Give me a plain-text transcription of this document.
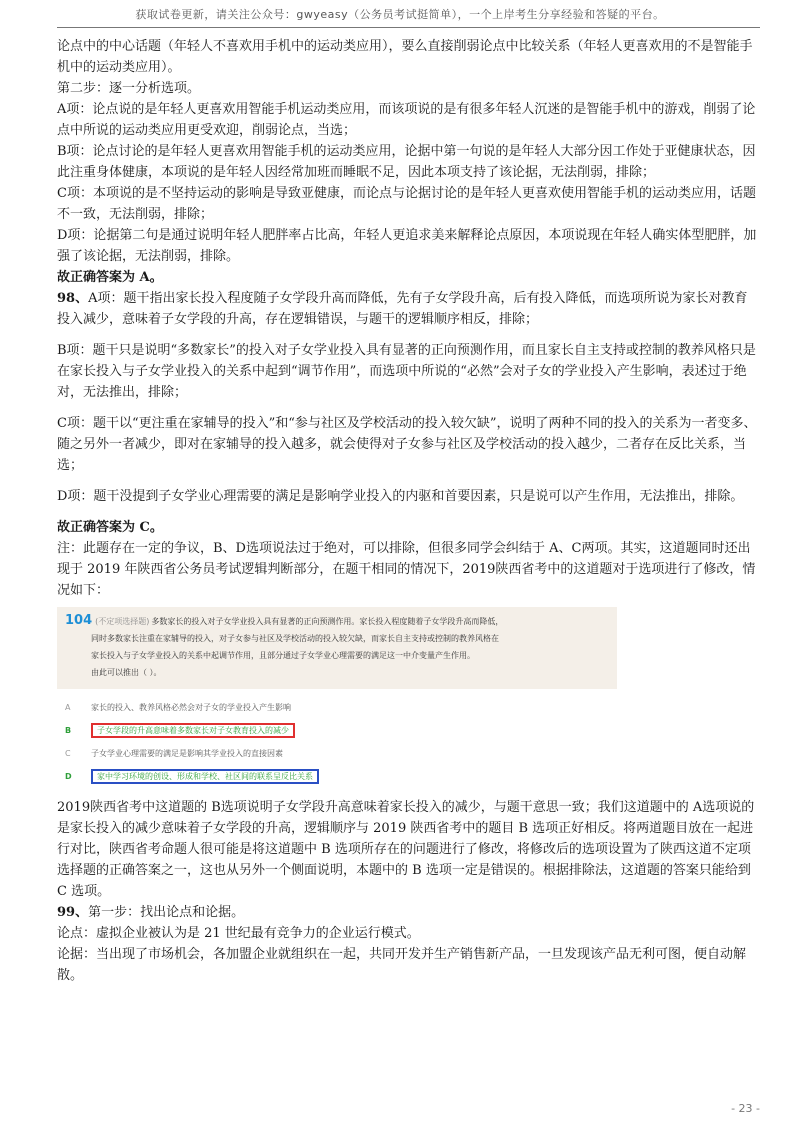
获取试卷更新，请关注公众号：gwyeasy（公务员考试挺简单），一个上岸考生分享经验和答疑的平台。

论点中的中心话题（年轻人不喜欢用手机中的运动类应用），要么直接削弱论点中比较关系（年轻人更喜欢用的不是智能手机中的运动类应用）。

第二步：逐一分析选项。

A项：论点说的是年轻人更喜欢用智能手机运动类应用，而该项说的是有很多年轻人沉迷的是智能手机中的游戏，削弱了论点中所说的运动类应用更受欢迎，削弱论点，当选；

B项：论点讨论的是年轻人更喜欢用智能手机的运动类应用，论据中第一句说的是年轻人大部分因工作处于亚健康状态，因此注重身体健康，本项说的是年轻人因经常加班而睡眠不足，因此本项支持了该论据，无法削弱，排除；

C项：本项说的是不坚持运动的影响是导致亚健康，而论点与论据讨论的是年轻人更喜欢使用智能手机的运动类应用，话题不一致，无法削弱，排除；

D项：论据第二句是通过说明年轻人肥胖率占比高，年轻人更追求美来解释论点原因，本项说现在年轻人确实体型肥胖，加强了该论据，无法削弱，排除。

故正确答案为 A。

98、A项：题干指出家长投入程度随子女学段升高而降低，先有子女学段升高，后有投入降低，而选项所说为家长对教育投入减少，意味着子女学段的升高，存在逻辑错误，与题干的逻辑顺序相反，排除；

B项：题干只是说明“多数家长”的投入对子女学业投入具有显著的正向预测作用，而且家长自主支持或控制的教养风格只是在家长投入与子女学业投入的关系中起到“调节作用”，而选项中所说的“必然”会对子女的学业投入产生影响，表述过于绝对，无法推出，排除；

C项：题干以“更注重在家辅导的投入”和“参与社区及学校活动的投入较欠缺”，说明了两种不同的投入的关系为一者变多、随之另外一者减少，即对在家辅导的投入越多，就会使得对子女参与社区及学校活动的投入越少，二者存在反比关系，当选；

D项：题干没提到子女学业心理需要的满足是影响学业投入的内驱和首要因素，只是说可以产生作用，无法推出，排除。

故正确答案为 C。

注：此题存在一定的争议，B、D选项说法过于绝对，可以排除，但很多同学会纠结于 A、C两项。其实，这道题同时还出现于 2019 年陕西省公务员考试逻辑判断部分，在题干相同的情况下，2019陕西省考中的这道题对于选项进行了修改，情况如下：

104 (不定项选择题) 多数家长的投入对子女学业投入具有显著的正向预测作用。家长投入程度随着子女学段升高而降低，
同时多数家长注重在家辅导的投入，对子女参与社区及学校活动的投入较欠缺，而家长自主支持或控制的教养风格在
家长投入与子女学业投入的关系中起调节作用，且部分通过子女学业心理需要的满足这一中介变量产生作用。
由此可以推出（ ）。
A	家长的投入、教养风格必然会对子女的学业投入产生影响
B	子女学段的升高意味着多数家长对子女教育投入的减少
C	子女学业心理需要的满足是影响其学业投入的直接因素
D	家中学习环境的创设、形成和学校、社区间的联系呈反比关系

2019陕西省考中这道题的 B选项说明子女学段升高意味着家长投入的减少，与题干意思一致；我们这道题中的 A选项说的是家长投入的减少意味着子女学段的升高，逻辑顺序与 2019 陕西省考中的题目 B 选项正好相反。将两道题目放在一起进行对比，陕西省考命题人很可能是将这道题中 B 选项所存在的问题进行了修改，将修改后的选项设置为了陕西这道不定项选择题的正确答案之一，这也从另外一个侧面说明，本题中的 B 选项一定是错误的。根据排除法，这道题的答案只能给到 C 选项。

99、第一步：找出论点和论据。

论点：虚拟企业被认为是 21 世纪最有竞争力的企业运行模式。

论据：当出现了市场机会，各加盟企业就组织在一起，共同开发并生产销售新产品，一旦发现该产品无利可图，便自动解散。

- 23 -
